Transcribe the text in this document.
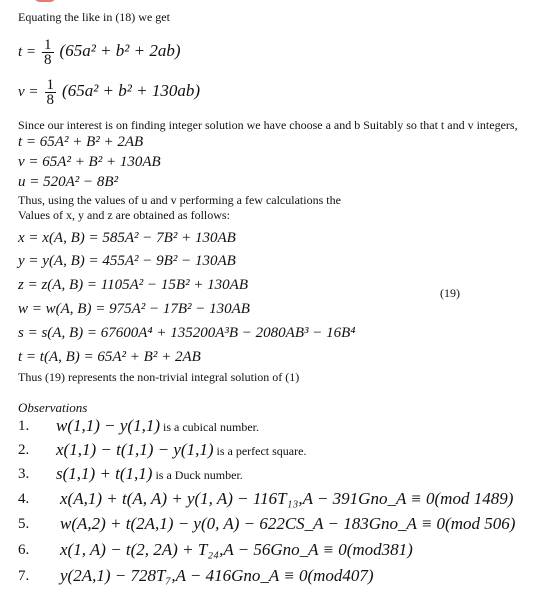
Equating the like in (18) we get
$t = \frac{1}{8} (65a^2 + b^2 + 2ab)$
$v = \frac{1}{8} (65a^2 + b^2 + 130ab)$
Since our interest is on finding integer solution we have choose a and b Suitably so that t and v integers,
t = 65A² + B² + 2AB
v = 65A² + B² + 130AB
u = 520A² − 8B²
Thus, using the values of u and v performing a few calculations the
Values of x, y and z are obtained as follows:
x = x(A, B) = 585A² − 7B² + 130AB
y = y(A, B) = 455A² − 9B² − 130AB
z = z(A, B) = 1105A² − 15B² + 130AB	(19)
w = w(A, B) = 975A² − 17B² − 130AB
s = s(A, B) = 67600A⁴ + 135200A³B − 2080AB³ − 16B⁴
t = t(A, B) = 65A² + B² + 2AB
Thus (19) represents the non-trivial integral solution of (1)
Observations
1. w(1,1) − y(1,1) is a cubical number.
2. x(1,1) − t(1,1) − y(1,1) is a perfect square.
3. s(1,1) + t(1,1) is a Duck number.
4. x(A,1) + t(A, A) + y(1, A) − 116T₁₃,A − 391Gno_A ≡ 0(mod 1489)
5. w(A,2) + t(2A,1) − y(0, A) − 622CS_A − 183Gno_A ≡ 0(mod 506)
6. x(1, A) − t(2, 2A) + T₂₄,A − 56Gno_A ≡ 0(mod381)
7. y(2A,1) − 728T₇,A − 416Gno_A ≡ 0(mod407)
